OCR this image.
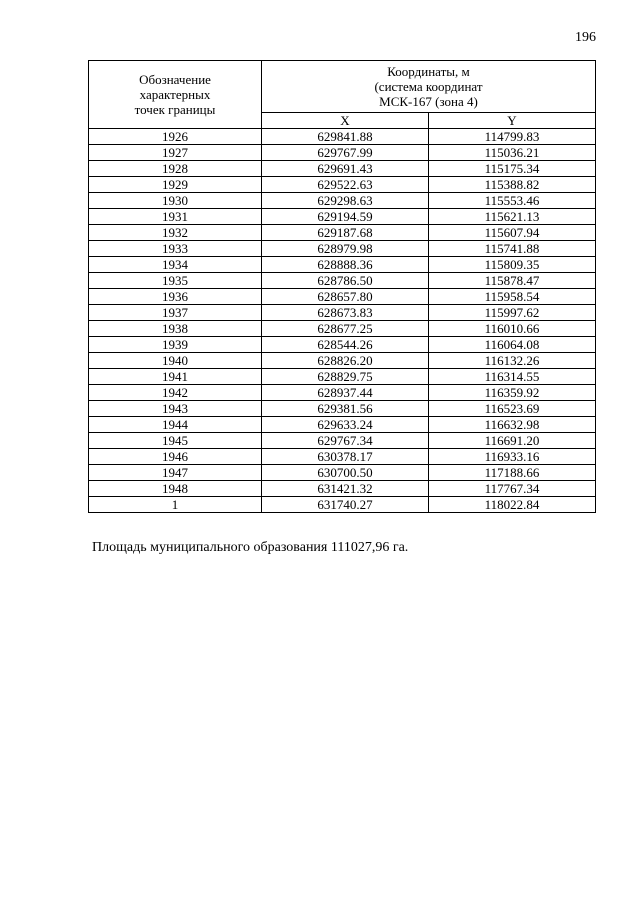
196
Обозначение
характерных
точек границы	Координаты, м
(система координат
МСК-167 (зона 4)	

	X	Y
1926	629841.88	114799.83
1927	629767.99	115036.21
1928	629691.43	115175.34
1929	629522.63	115388.82
1930	629298.63	115553.46
1931	629194.59	115621.13
1932	629187.68	115607.94
1933	628979.98	115741.88
1934	628888.36	115809.35
1935	628786.50	115878.47
1936	628657.80	115958.54
1937	628673.83	115997.62
1938	628677.25	116010.66
1939	628544.26	116064.08
1940	628826.20	116132.26
1941	628829.75	116314.55
1942	628937.44	116359.92
1943	629381.56	116523.69
1944	629633.24	116632.98
1945	629767.34	116691.20
1946	630378.17	116933.16
1947	630700.50	117188.66
1948	631421.32	117767.34
1	631740.27	118022.84
Площадь муниципального образования 111027,96 га.
